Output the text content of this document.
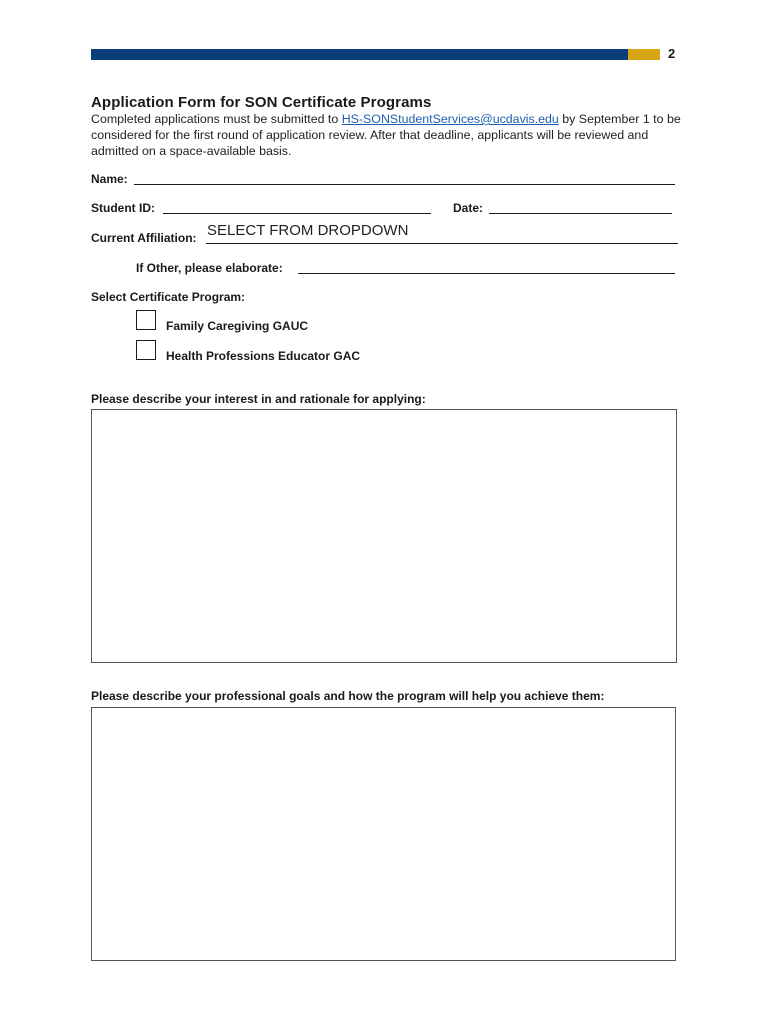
2
Application Form for SON Certificate Programs
Completed applications must be submitted to HS-SONStudentServices@ucdavis.edu by September 1 to be considered for the first round of application review. After that deadline, applicants will be reviewed and admitted on a space-available basis.
Name:
Student ID:	Date:
Current Affiliation: SELECT FROM DROPDOWN
If Other, please elaborate:
Select Certificate Program:
Family Caregiving GAUC
Health Professions Educator GAC
Please describe your interest in and rationale for applying:
Please describe your professional goals and how the program will help you achieve them:
